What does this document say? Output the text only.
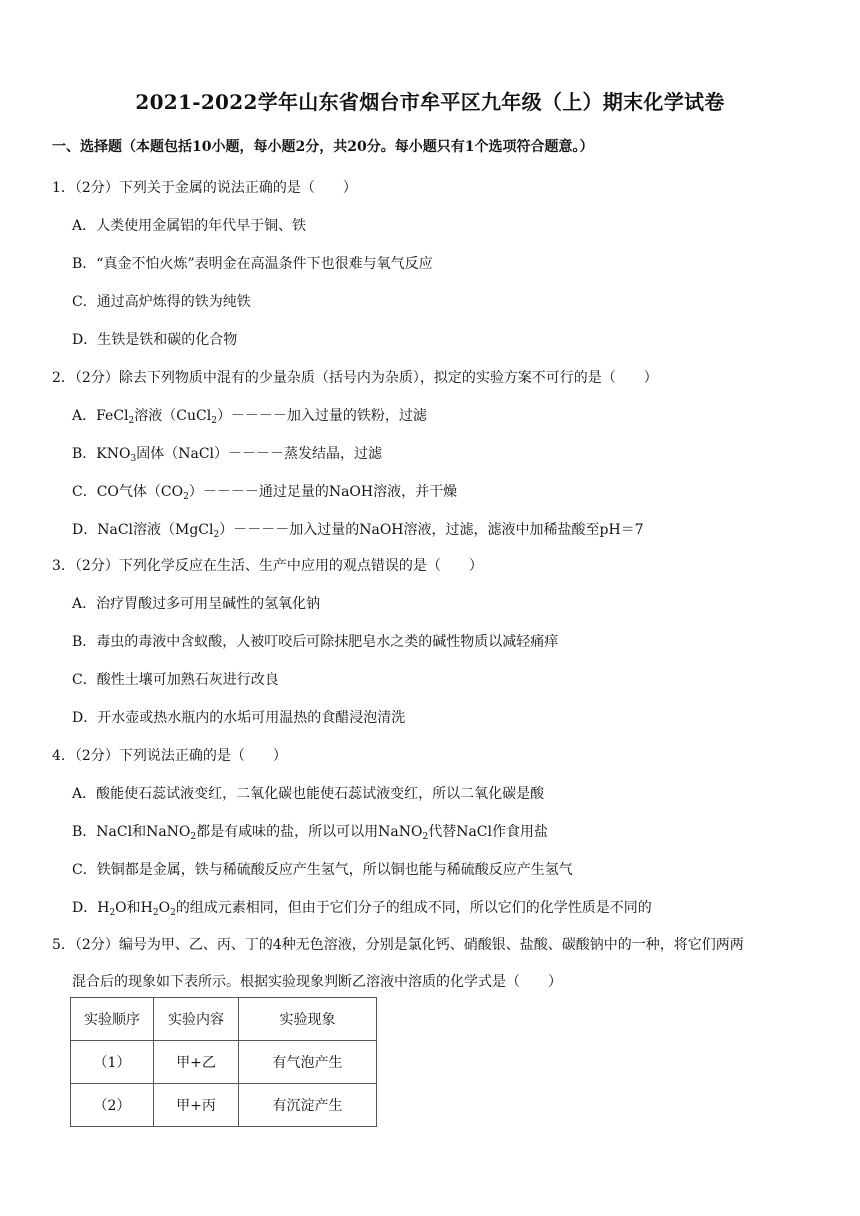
2021-2022学年山东省烟台市牟平区九年级（上）期末化学试卷
一、选择题（本题包括10小题，每小题2分，共20分。每小题只有1个选项符合题意。）
1．（2分）下列关于金属的说法正确的是（　　）
A．人类使用金属铝的年代早于铜、铁
B．“真金不怕火炼”表明金在高温条件下也很难与氧气反应
C．通过高炉炼得的铁为纯铁
D．生铁是铁和碳的化合物
2．（2分）除去下列物质中混有的少量杂质（括号内为杂质），拟定的实验方案不可行的是（　　）
A．FeCl$_2$溶液（CuCl$_2$）－－－－加入过量的铁粉，过滤
B．$KNO_3$固体（NaCl）－－－－蒸发结晶，过滤
C．CO气体$(CO_2)----$通过足量的NaOH溶液，并干燥
D．NaCl溶液（MgCl$_2$）－－－－加入过量的NaOH溶液，过滤，滤液中加稀盐酸至pH＝7
3．（2分）下列化学反应在生活、生产中应用的观点错误的是（　　）
A．治疗胃酸过多可用呈碱性的氢氧化钠
B．毒虫的毒液中含蚁酸，人被叮咬后可除抹肥皂水之类的碱性物质以减轻痛痒
C．酸性土壤可加熟石灰进行改良
D．开水壶或热水瓶内的水垢可用温热的食醋浸泡清洗
4．（2分）下列说法正确的是（　　）
A．酸能使石蕊试液变红，二氧化碳也能使石蕊试液变红，所以二氧化碳是酸
B．NaCl和NaNO$_2$都是有咸味的盐，所以可以用NaNO$_2$代替NaCl作食用盐
C．铁铜都是金属，铁与稀硫酸反应产生氢气，所以铜也能与稀硫酸反应产生氢气
D．$H_2O$和$H_2O_2$的组成元素相同，但由于它们分子的组成不同，所以它们的化学性质是不同的
5．（2分）编号为甲、乙、丙、丁的4种无色溶液，分别是氯化钙、硝酸银、盐酸、碳酸钠中的一种，将它们两两
混合后的现象如下表所示。根据实验现象判断乙溶液中溶质的化学式是（　　）
实验顺序	实验内容	实验现象
（1）	甲+乙	有气泡产生
（2）	甲+丙	有沉淀产生
